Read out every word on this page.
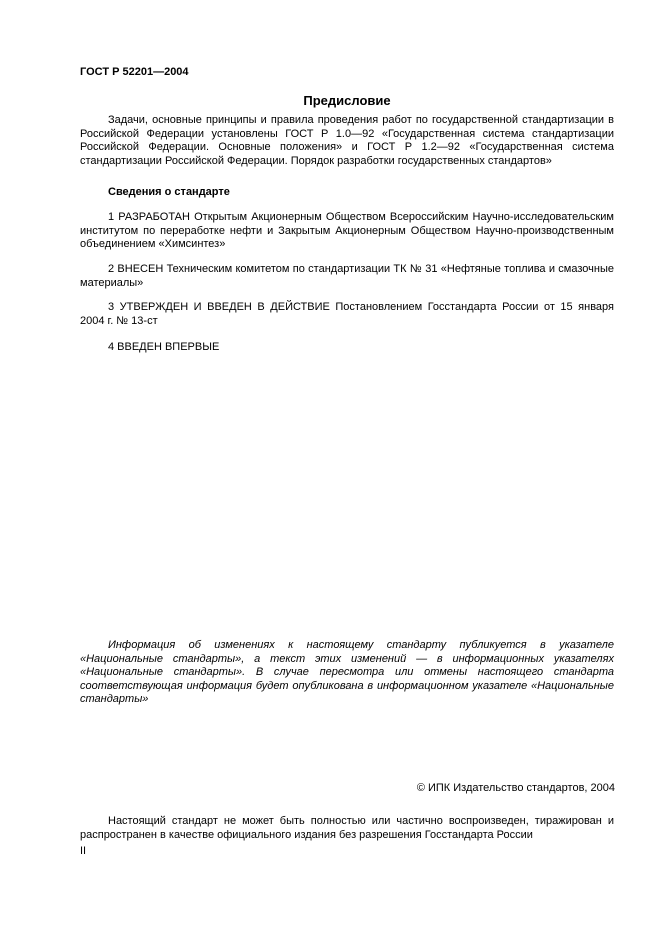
ГОСТ Р 52201—2004
Предисловие

Задачи, основные принципы и правила проведения работ по государственной стандартизации в Российской Федерации установлены ГОСТ Р 1.0—92 «Государственная система стандартизации Российской Федерации. Основные положения» и ГОСТ Р 1.2—92 «Государственная система стандартизации Российской Федерации. Порядок разработки государственных стандартов»

Сведения о стандарте

1 РАЗРАБОТАН Открытым Акционерным Обществом Всероссийским Научно-исследовательским институтом по переработке нефти и Закрытым Акционерным Обществом Научно-производственным объединением «Химсинтез»

2 ВНЕСЕН Техническим комитетом по стандартизации ТК № 31 «Нефтяные топлива и смазочные материалы»

3 УТВЕРЖДЕН И ВВЕДЕН В ДЕЙСТВИЕ Постановлением Госстандарта России от 15 января 2004 г. № 13-ст

4 ВВЕДЕН ВПЕРВЫЕ

Информация об изменениях к настоящему стандарту публикуется в указателе «Национальные стандарты», а текст этих изменений — в информационных указателях «Национальные стандарты». В случае пересмотра или отмены настоящего стандарта соответствующая информация будет опубликована в информационном указателе «Национальные стандарты»

© ИПК Издательство стандартов, 2004

Настоящий стандарт не может быть полностью или частично воспроизведен, тиражирован и распространен в качестве официального издания без разрешения Госстандарта России

II
